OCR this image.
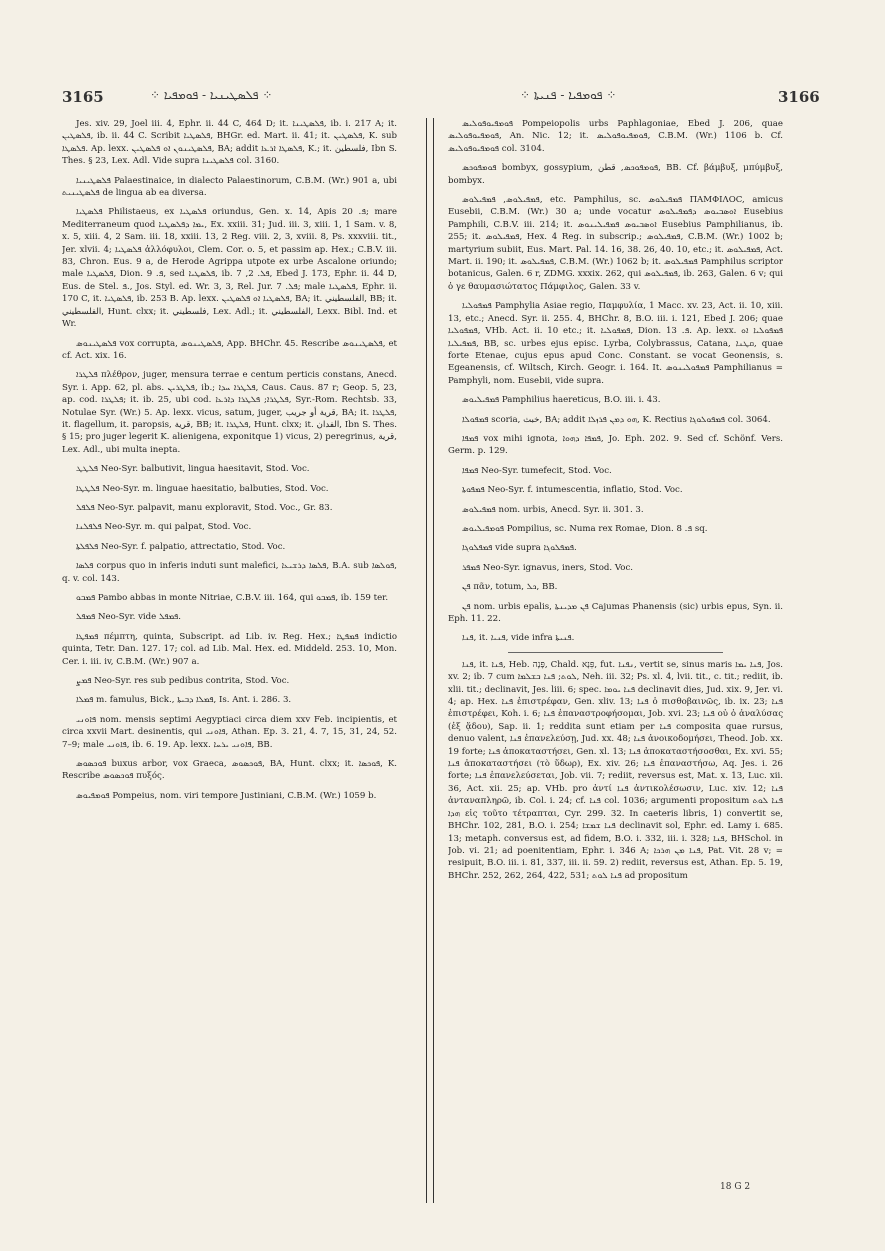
3165	⁘ ܦܠܣܛܝܢܝܐ - ܦܘܡܦܝܐ ⁘	⁘ ܦܘܡܦܝܐ - ܦܢܝܬܐ ⁘	3166

Jes. xiv. 29, Joel iii. 4, Ephr. ii. 44 C, 464 D; it. ܦܠܣܛܝܢܐ, ib. i. 217 A; it. ܦܠܣܛܝܢ, ib. ii. 44 C. Scribit ܦܠܣܛܝܐ, BHGr. ed. Mart. ii. 41; it. ܦܠܣܛܝܢ, K. sub ܦܠܣܛܐ. Ap. lexx. ܦܠܣܛܝܢܘܢ ܐܘ ܦܠܣܛܝܢ, BA; addit ܦܠܣܛܐ ܐܪܥܐ, K.; it. فلسطين, Ibn S. Thes. § 23, Lex. Adl. Vide supra ܦܠܣܛܝܢܐ col. 3160.

ܦܠܣܛܝܢܝܐ Palaestinaice, in dialecto Palaestinorum, C.B.M. (Wr.) 901 a, ubi ܦܠܣܛܝܢܝܬ de lingua ab ea diversa.

ܦܠܣܛܝܐ Philistaeus, ex ܦܠܣܛܝܐ oriundus, Gen. x. 14, Apis ܦ. 20; mare Mediterraneum quod ܝܡܐ ܕܦܠܣܛܝܐ, Ex. xxiii. 31; Jud. iii. 3, xiii. 1, 1 Sam. v. 8, x. 5, xiii. 4, 2 Sam. iii. 18, xxiii. 13, 2 Reg. viii. 2, 3, xviii. 8, Ps. xxxviii. tit., Jer. xlvii. 4; ܦܠܣܛܝܐ ἀλλόφυλοι, Clem. Cor. o. 5, et passim ap. Hex.; C.B.V. iii. 83, Chron. Eus. 9 a, de Herode Agrippa utpote ex urbe Ascalone oriundo; male ܦܠܣܛܝܐ, Dion. ܦ. 9, sed ܦܠܣܛܝܐ, ib. ܦܠ. 2, 7, Ebed J. 173, Ephr. ii. 44 D, Eus. de Stel. ܦ., Jos. Styl. ed. Wr. 3, 3, Rel. Jur. ܦܠ. 7; male ܦܠܣܛܝܐ, Ephr. ii. 170 C, it. ܦܠܣܛܝܐ, ib. 253 B. Ap. lexx. ܦܠܣܛܝܐ ܐܘ ܦܠܣܛܝܢ, BA; it. الفلسطيني, BB; it. الفلسطيني, Hunt. clxx; it. فلسطيني, Lex. Adl.; it. الفلسطيني, Lexx. Bibl. Ind. et Wr.

ܦܠܣܛܝܢܘܣ vox corrupta, ܦܠܣܛܝܢܘܣ, App. BHChr. 45. Rescribe ܦܠܣܛܝܢܘܣ, et cf. Act. xix. 16.

ܦܠܛܪܐ πλέθρον, juger, mensura terrae e centum perticis constans, Anecd. Syr. i. App. 62, pl. abs. ܦܠܛܪܝܢ, ib.; ܦܠܛܪܐ ܚܕܐ, Caus. Caus. 87 r; Geop. 5, 23, ap. cod. ܦܠܛܪܐ; it. ib. 25, ubi cod. ܦܠܛܪܐ; ܦܠܛܪܐ ܕܐܪܥܐ, Syr.-Rom. Rechtsb. 33, Notulae Syr. (Wr.) 5. Ap. lexx. vicus, satum, juger, قرية أو جريب, BA; it. ܦܠܛܪܐ, it. flagellum, it. paropsis, قرية, BB; it. ܦܠܛܪܐ, Hunt. clxx; it. الفدان, Ibn S. Thes. § 15; pro juger legerit K. alienigena, exponitque 1) vicus, 2) peregrinus, قرية, Lex. Adl., ubi multa inepta.

ܦܠܛܛ Neo-Syr. balbutivit, lingua haesitavit, Stod. Voc.

ܦܠܛܛܐ Neo-Syr. m. linguae haesitatio, balbuties, Stod. Voc.

ܦܠܦܠ Neo-Syr. palpavit, manu exploravit, Stod. Voc., Gr. 83.

ܦܠܦܠܢܐ Neo-Syr. m. qui palpat, Stod. Voc.

ܦܠܦܠܬܐ Neo-Syr. f. palpatio, attrectatio, Stod. Voc.

ܦܠܣܐ corpus quo in inferis induti sunt malefici, ܦܠܣܐ ܕܪܫܝܥܐ, B.A. sub ܦܘܠܣܐ, q. v. col. 143.

ܦܡܒܘ Pambo abbas in monte Nitriae, C.B.V. iii. 164, qui ܦܡܒܘ, ib. 159 ter.

ܦܡܦܠ Neo-Syr. vide ܦܡܦܠ.

ܦܡܦܛܐ πέμπτη, quinta, Subscript. ad Lib. iv. Reg. Hex.; ܦܡܦܛܐ indictio quinta, Tetr. Dan. 127. 17; col. ad Lib. Mal. Hex. ed. Middeld. 253. 10, Mon. Cer. i. iii. iv, C.B.M. (Wr.) 907 a.

ܦܡܨ Neo-Syr. res sub pedibus contrita, Stod. Voc.

ܦܡܠܐ m. famulus, Bick., ܦܡܠܐ ܕܒܝܬܐ, Is. Ant. i. 286. 3.

ܦܐܘܢܝ nom. mensis septimi Aegyptiaci circa diem xxv Feb. incipientis, et circa xxvii Mart. desinentis, qui ܦܐܘܢܝ, Athan. Ep. 3. 21, 4. 7, 15, 31, 24, 52. 7–9; male ܦܐܘܢܝ, ib. 6. 19. Ap. lexx. ܦܐܘܢܝ ܝܪܚܐ, BB.

ܦܘܟܣܘܣ buxus arbor, vox Graeca, ܦܘܟܣܘܣ, BA, Hunt. clxx; it. ܦܘܟܣܐ, K. Rescribe ܦܘܟܣܘܣ πυξός.

ܦܘܡܦܝܘܣ Pompeius, nom. viri tempore Justiniani, C.B.M. (Wr.) 1059 b.

ܦܘܡܦܝܘܦܘܠܝܣ Pompeiopolis urbs Paphlagoniae, Ebed J. 206, quae ܦܘܡܦܝܘܦܘܠܝܣ, An. Nic. 12; it. ܦܘܡܦܝܘܦܘܠܝܣ, C.B.M. (Wr.) 1106 b. Cf. ܦܘܡܦܝܘܦܘܠܝܣ col. 3104.

ܦܘܡܦܘܟܣ bombyx, gossypium, ܦܘܡܦܘܟܣ, قطن, BB. Cf. βάμβυξ, μπύμβυξ, bombyx.

ܦܡܦܝܠܘܣ, ܦܡܦܝܠܘܣ, etc. Pamphilus, sc. ܦܡܦܝܠܘܣ ΠΑΜΦΙΛΟC, amicus Eusebii, C.B.M. (Wr.) 30 a; unde vocatur ܐܘܣܒܝܘܣ ܕܦܡܦܝܠܘܣ Eusebius Pamphili, C.B.V. iii. 214; it. ܐܘܣܒܝܘܣ ܦܡܦܝܠܝܢܘܣ Eusebius Pamphilianus, ib. 255; it. ܦܡܦܝܠܘܣ, Hex. 4 Reg. in subscrip.; ܦܡܦܝܠܘܣ, C.B.M. (Wr.) 1002 b; martyrium subiit, Eus. Mart. Pal. 14. 16, 38. 26, 40. 10, etc.; it. ܦܡܦܝܠܘܣ, Act. Mart. ii. 190; it. ܦܡܦܝܠܘܣ, C.B.M. (Wr.) 1062 b; it. ܦܡܦܝܠܘܣ Pamphilus scriptor botanicus, Galen. 6 r, ZDMG. xxxix. 262, qui ܦܡܦܝܠܘܣ, ib. 263, Galen. 6 v; qui ὁ γε θαυμασιώτατος Πάμφιλος, Galen. 33 v.

ܦܡܦܘܠܝܐ Pamphylia Asiae regio, Παμφυλία, 1 Macc. xv. 23, Act. ii. 10, xiii. 13, etc.; Anecd. Syr. ii. 255. 4, BHChr. 8, B.O. iii. i. 121, Ebed J. 206; quae ܦܡܦܘܠܝܐ, VHb. Act. ii. 10 etc.; it. ܦܡܦܘܠܝܐ, Dion. ܦ. 13. Ap. lexx. ܦܡܦܘܠܝܐ ܐܘ ܦܡܦܝܠܝܐ, BB, sc. urbes ejus episc. Lyrba, Colybrassus, Catana, ܩܛܢܐ, quae forte Etenae, cujus epus apud Conc. Constant. se vocat Geonensis, s. Egeanensis, cf. Wiltsch, Kirch. Geogr. i. 164. It. ܦܡܦܘܠܝܢܘܣ Pamphilianus = Pamphyli, nom. Eusebii, vide supra.

ܦܡܦܝܠܝܘܣ Pamphilius haereticus, B.O. iii. i. 43.

ܦܡܦܘܠܐ scoria, خبث, BA; addit ܗܘ ܕܡܢ ܦܪܙܠܐ, K. Rectius ܦܡܦܘܠܘܓܐ col. 3064.

ܦܡܦܐ vox mihi ignota, ܦܡܦܐ ܕܗܘܐ, Jo. Eph. 202. 9. Sed cf. Schönf. Vers. Germ. p. 129.

ܦܡܦܐ Neo-Syr. tumefecit, Stod. Voc.

ܦܡܦܘܬܐ Neo-Syr. f. intumescentia, inflatio, Stod. Voc.

ܦܡܦܝܠܘܣ nom. urbis, Anecd. Syr. ii. 301. 3.

ܦܘܡܦܝܠܝܘܣ Pompilius, sc. Numa rex Romae, Dion. ܦ. 8 sq.

ܦܡܦܠܘܓܐ vide supra ܦܡܦܠܘܓܐ.

ܦܡܦܪ Neo-Syr. ignavus, iners, Stod. Voc.

ܦܢ πᾶν, totum, ܟܠ, BB.

ܦܢ nom. urbis epalis, ܦܢ ܡܕܝܢܬܐ Cajumas Phanensis (sic) urbis epus, Syn. ii. Eph. 11. 22.

ܦܢܐ, it. ܦܢܝܐ, vide infra ܦܢܝܬܐ.

ܦܢܐ, it. ܦܢܐ, Heb. פָּנָה, Chald. פְּנָא, fut. ܢܦܢܐ, vertit se, sinus maris ܦܢܐ ܝܡܐ, Jos. xv. 2; ib. 7 cum ܠܘܬ; ܦܢܐ ܒܫܠܡܐ, Neh. iii. 32; Ps. xl. 4, lvii. tit., c. tit.; rediit, ib. xlii. tit.; declinavit, Jes. liii. 6; spec. ܦܢܐ ܝܘܡܐ declinavit dies, Jud. xix. 9, Jer. vi. 4; ap. Hex. ܦܢܐ ἐπιστρέφαν, Gen. xliv. 13; ܦܢܐ ὁ πισθοβαινῶς, ib. ix. 23; ܦܢܐ ἐπιστρέφει, Koh. i. 6; ܦܢܐ ἐπαναστροφήσομαι, Job. xvi. 23; ܦܢܐ οὐ ὁ ἀναλύσας (ἐξ ᾅδου), Sap. ii. 1; reddita sunt etiam per ܦܢܐ composita quae rursus, denuo valent, ܦܢܐ ἐπανελεύσῃ, Jud. xx. 48; ܦܢܐ ἀνοικοδομήσει, Theod. Job. xx. 19 forte; ܦܢܐ ἀποκαταστήσει, Gen. xl. 13; ܦܢܐ ἀποκαταστήσοσθαι, Ex. xvi. 55; ܦܢܐ ἀποκαταστήσει (τὸ ὕδωρ), Ex. xiv. 26; ܦܢܐ ἐπαναστήσω, Aq. Jes. i. 26 forte; ܦܢܐ ἐπανελεύσεται, Job. vii. 7; rediit, reversus est, Mat. x. 13, Luc. xii. 36, Act. xii. 25; ap. VHb. pro ἀντί ܦܢܐ ἀντικολέσωσιν, Luc. xiv. 12; ܦܢܐ ἀνταναπληρῶ, ib. Col. i. 24; cf. ܦܢܐ col. 1036; argumenti propositum ܦܢܐ ܠܘܬ ܗܕܐ εἰς τοῦτο τέτραπται, Cyr. 299. 32. In caeteris libris, 1) convertit se, BHChr. 102, 281, B.O. i. 254; ܦܢܐ ܫܡܫܐ declinavit sol, Ephr. ed. Lamy i. 685. 13; metaph. conversus est, ad fidem, B.O. i. 332, iii. i. 328; ܦܢܐ, BHSchol. in Job. vi. 21; ad poenitentiam, Ephr. i. 346 A; ܦܢܐ ܡܢ ܗܪܟܐ, Pat. Vit. 28 v; = resipuit, B.O. iii. i. 81, 337, iii. ii. 59. 2) rediit, reversus est, Athan. Ep. 5. 19, BHChr. 252, 262, 264, 422, 531; ܦܢܐ ܠܘܬ ad propositum

18 G 2
